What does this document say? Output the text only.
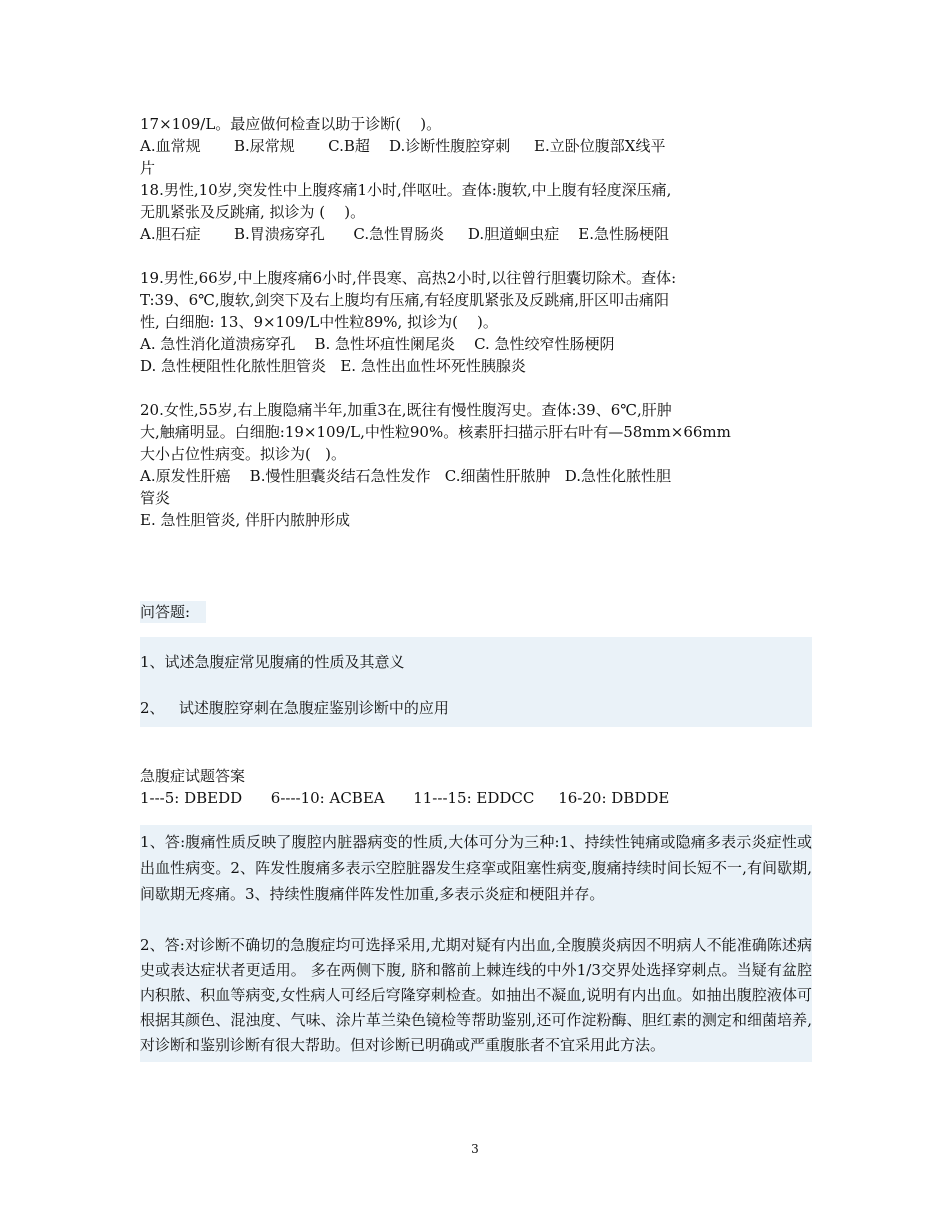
17×109/L。最应做何检查以助于诊断(    )。
A.血常规       B.尿常规       C.B超    D.诊断性腹腔穿刺     E.立卧位腹部X线平
片
18.男性,10岁,突发性中上腹疼痛1小时,伴呕吐。查体:腹软,中上腹有轻度深压痛,
无肌紧张及反跳痛, 拟诊为 (    )。
A.胆石症       B.胃溃疡穿孔      C.急性胃肠炎     D.胆道蛔虫症    E.急性肠梗阻
19.男性,66岁,中上腹疼痛6小时,伴畏寒、高热2小时,以往曾行胆囊切除术。查体:
T:39、6℃,腹软,剑突下及右上腹均有压痛,有轻度肌紧张及反跳痛,肝区叩击痛阳
性, 白细胞: 13、9×109/L中性粒89%, 拟诊为(    )。
A. 急性消化道溃疡穿孔    B. 急性坏疽性阑尾炎    C. 急性绞窄性肠梗阴
D. 急性梗阻性化脓性胆管炎   E. 急性出血性坏死性胰腺炎
20.女性,55岁,右上腹隐痛半年,加重3在,既往有慢性腹泻史。查体:39、6℃,肝肿
大,触痛明显。白细胞:19×109/L,中性粒90%。核素肝扫描示肝右叶有—58mm×66mm
大小占位性病变。拟诊为(   )。
A.原发性肝癌    B.慢性胆囊炎结石急性发作   C.细菌性肝脓肿   D.急性化脓性胆
管炎
E. 急性胆管炎, 伴肝内脓肿形成
问答题:
1、试述急腹症常见腹痛的性质及其意义
2、   试述腹腔穿刺在急腹症鉴别诊断中的应用
急腹症试题答案
1---5: DBEDD      6----10: ACBEA      11---15: EDDCC     16-20: DBDDE
1、答:腹痛性质反映了腹腔内脏器病变的性质,大体可分为三种:1、持续性钝痛或隐痛多表示炎症性或出血性病变。2、阵发性腹痛多表示空腔脏器发生痉挛或阻塞性病变,腹痛持续时间长短不一,有间歇期,间歇期无疼痛。3、持续性腹痛伴阵发性加重,多表示炎症和梗阻并存。
2、答:对诊断不确切的急腹症均可选择采用,尤期对疑有内出血,全腹膜炎病因不明病人不能准确陈述病史或表达症状者更适用。 多在两侧下腹, 脐和髂前上棘连线的中外1/3交界处选择穿刺点。当疑有盆腔内积脓、积血等病变,女性病人可经后穹隆穿刺检查。如抽出不凝血,说明有内出血。如抽出腹腔液体可根据其颜色、混浊度、气味、涂片革兰染色镜检等帮助鉴别,还可作淀粉酶、胆红素的测定和细菌培养,对诊断和鉴别诊断有很大帮助。但对诊断已明确或严重腹胀者不宜采用此方法。
3
